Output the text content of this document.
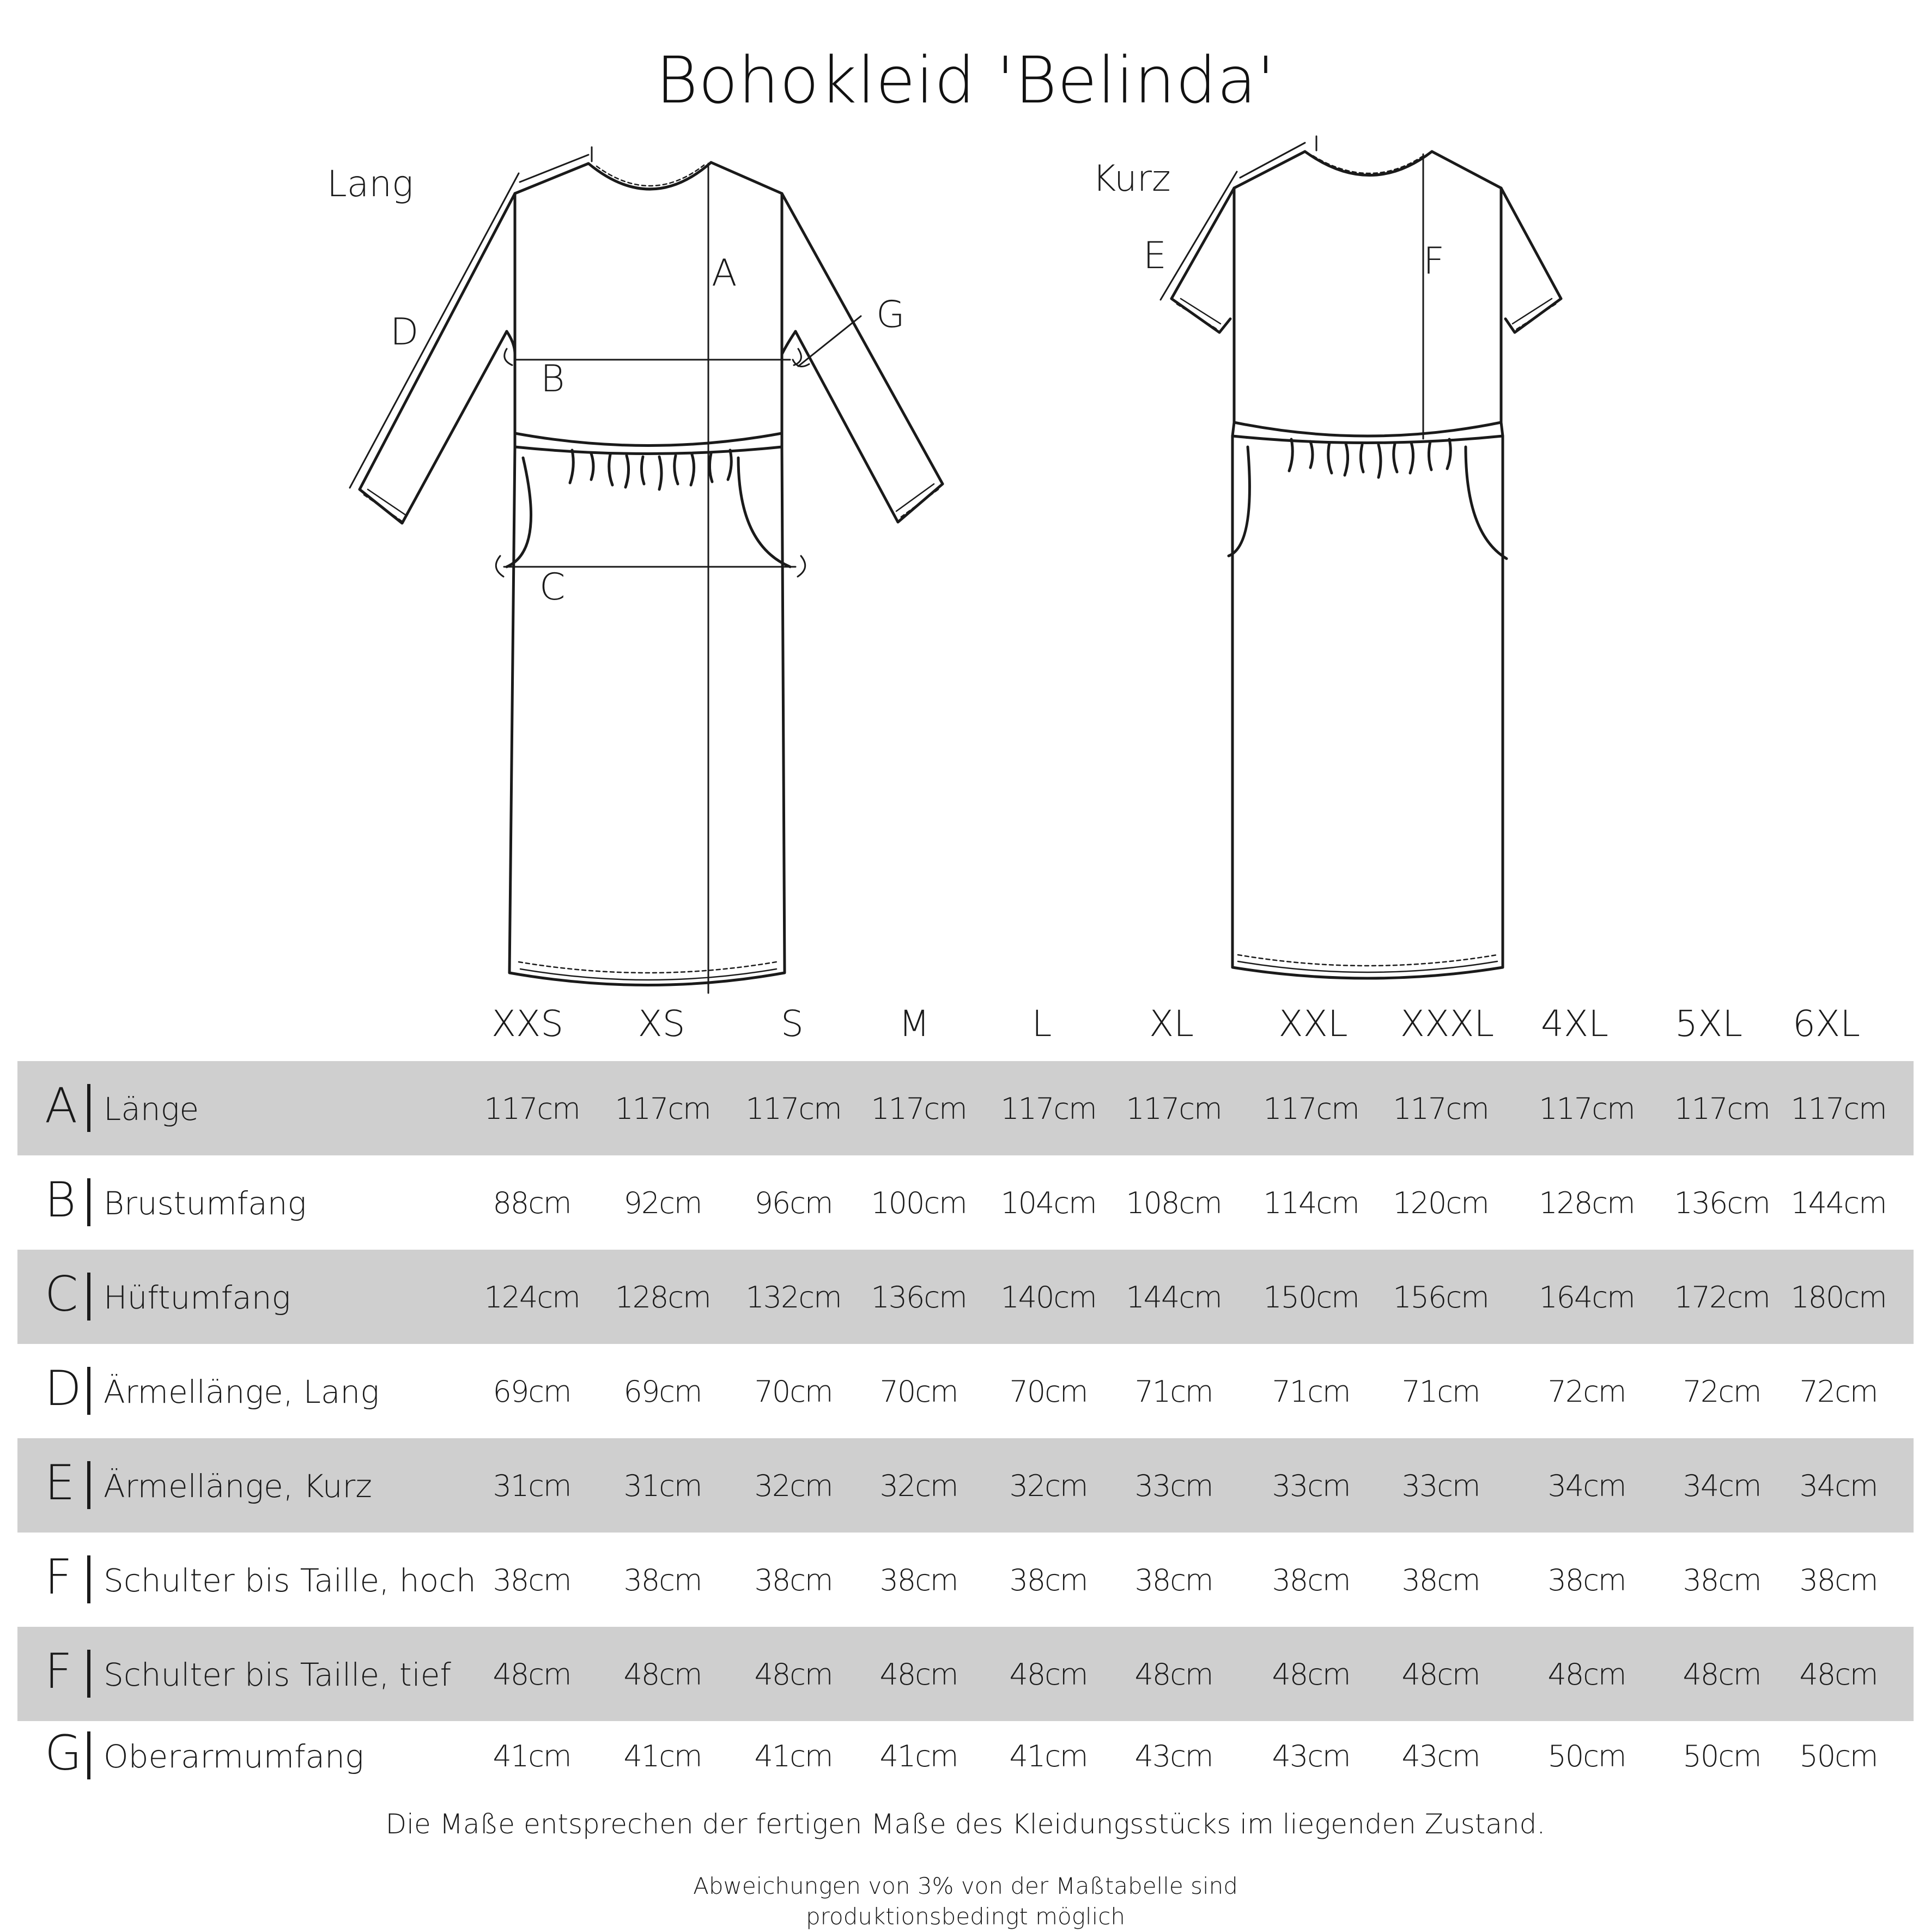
Bohokleid 'Belinda'
Lang	Kurz
A
B
C
D
E	F
G
XXS	XS	S	M	L	XL	XXL	XXXL	4XL	5XL	6XL
A Länge	117cm	117cm	117cm	117cm	117cm	117cm	117cm	117cm	117cm	117cm 117cm
B Brustumfang	88cm	92cm	96cm	100cm	104cm	108cm	114cm	120cm	128cm	136cm 144cm
C Hüftumfang	124cm	128cm	132cm	136cm	140cm	144cm	150cm	156cm	164cm	172cm 180cm
D Ärmellänge, Lang	69cm	69cm	70cm	70cm	70cm	71cm	71cm	71cm	72cm	72cm	72cm
E Ärmellänge, Kurz	31cm	31cm	32cm	32cm	32cm	33cm	33cm	33cm	34cm	34cm	34cm
F Schulter bis Taille, hoch 38cm	38cm	38cm	38cm	38cm	38cm	38cm	38cm	38cm	38cm	38cm
F Schulter bis Taille, tief	48cm	48cm	48cm	48cm	48cm	48cm	48cm	48cm	48cm	48cm	48cm
G Oberarmumfang	41cm	41cm	41cm	41cm	41cm	43cm	43cm	43cm	50cm	50cm	50cm
Die Maße entsprechen der fertigen Maße des Kleidungsstücks im liegenden Zustand.
Abweichungen von 3% von der Maßtabelle sind
produktionsbedingt möglich
